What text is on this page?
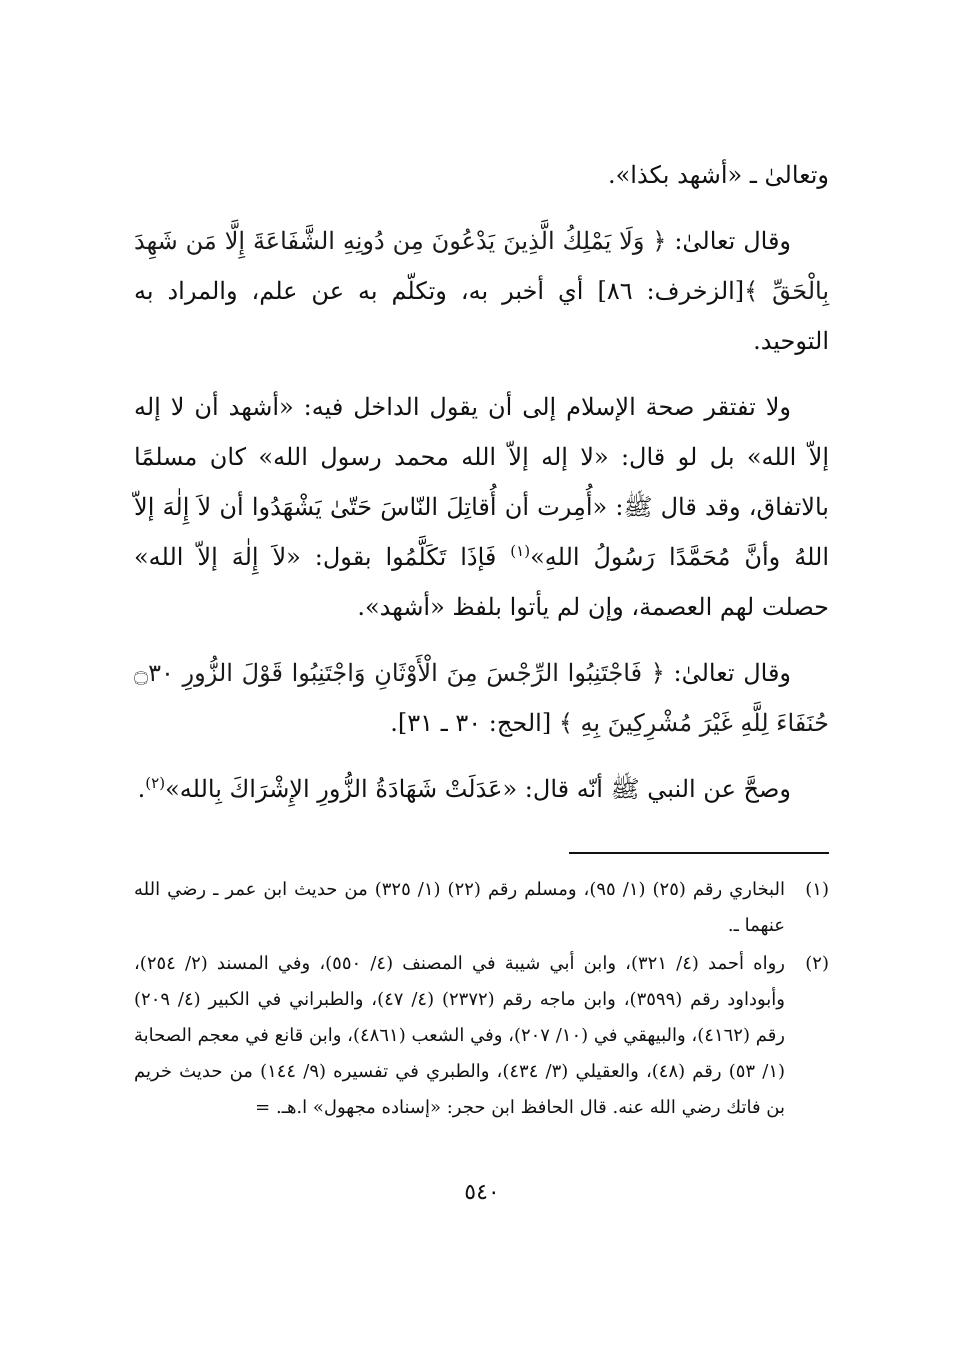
وتعالىٰ ـ «أشهد بكذا».

وقال تعالىٰ: ﴿ وَلَا يَمْلِكُ الَّذِينَ يَدْعُونَ مِن دُونِهِ الشَّفَاعَةَ إِلَّا مَن شَهِدَ بِالْحَقِّ ﴾[الزخرف: ٨٦] أي أخبر به، وتكلّم به عن علم، والمراد به التوحيد.

ولا تفتقر صحة الإسلام إلى أن يقول الداخل فيه: «أشهد أن لا إله إلاّ الله» بل لو قال: «لا إله إلاّ الله محمد رسول الله» كان مسلمًا بالاتفاق، وقد قال ﷺ: «أُمِرت أن أُقاتِلَ النّاسَ حَتّىٰ يَشْهَدُوا أن لاَ إِلٰهَ إلاّ اللهُ وأنَّ مُحَمَّدًا رَسُولُ اللهِ»$^{(١)}$ فَإذَا تَكَلَّمُوا بقول: «لاَ إِلٰهَ إلاّ الله» حصلت لهم العصمة، وإن لم يأتوا بلفظ «أشهد».

وقال تعالىٰ: ﴿ فَاجْتَنِبُوا الرِّجْسَ مِنَ الْأَوْثَانِ وَاجْتَنِبُوا قَوْلَ الزُّورِ ۝٣٠ حُنَفَاءَ لِلَّهِ غَيْرَ مُشْرِكِينَ بِهِ ﴾ [الحج: ٣٠ ـ ٣١].

وصحَّ عن النبي ﷺ أنّه قال: «عَدَلَتْ شَهَادَةُ الزُّورِ الإِشْرَاكَ بِالله»$^{(٢)}$.

(١)
البخاري رقم (٢٥) (١/ ٩٥)، ومسلم رقم (٢٢) (١/ ٣٢٥) من حديث ابن عمر ـ رضي الله عنهما ـ.
(٢)
رواه أحمد (٤/ ٣٢١)، وابن أبي شيبة في المصنف (٤/ ٥٥٠)، وفي المسند (٢/ ٢٥٤)، وأبوداود رقم (٣٥٩٩)، وابن ماجه رقم (٢٣٧٢) (٤/ ٤٧)، والطبراني في الكبير (٤/ ٢٠٩) رقم (٤١٦٢)، والبيهقي في (١٠/ ٢٠٧)، وفي الشعب (٤٨٦١)، وابن قانع في معجم الصحابة (١/ ٥٣) رقم (٤٨)، والعقيلي (٣/ ٤٣٤)، والطبري في تفسيره (٩/ ١٤٤) من حديث خريم بن فاتك رضي الله عنه. قال الحافظ ابن حجر: «إسناده مجهول» ا.هـ. =
٥٤٠
